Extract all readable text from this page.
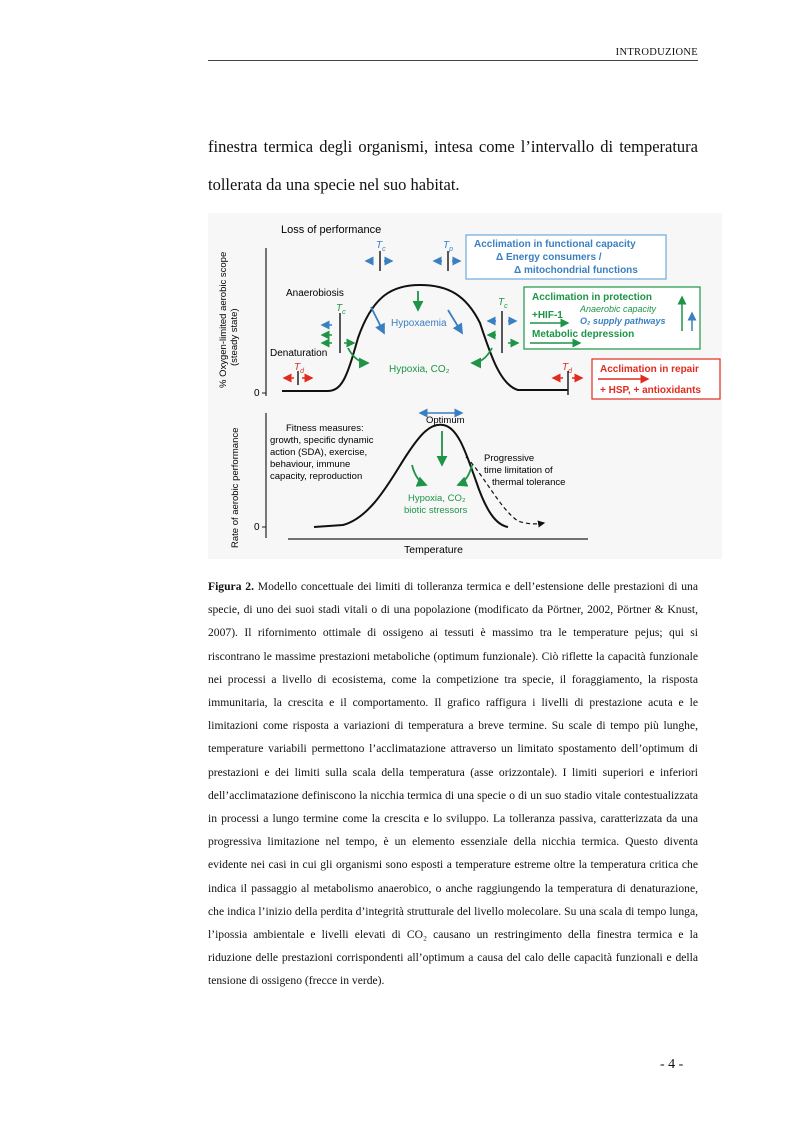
INTRODUZIONE
finestra termica degli organismi, intesa come l’intervallo di temperatura tollerata da una specie nel suo habitat.
Loss of performance
% Oxygen-limited aerobic scope (steady state)
0
Anaerobiosis
Denaturation
Hypoxaemia
Hypoxia, CO₂
$T_c$	$T_p$
$T_c$
$T_c$
$T_d$	$T_d$
Acclimation in functional capacity
Δ Energy consumers /
Δ mitochondrial functions
Acclimation in protection
+HIF-1
Anaerobic capacity
O₂ supply pathways
Metabolic depression
Acclimation in repair
+ HSP, + antioxidants
Rate of aerobic performance 0
Temperature
Optimum
Fitness measures:
growth, specific dynamic
action (SDA), exercise,
behaviour, immune
capacity, reproduction
Progressive
time limitation of
thermal tolerance
Hypoxia, CO₂
biotic stressors
Figura 2. Modello concettuale dei limiti di tolleranza termica e dell’estensione delle prestazioni di una specie, di uno dei suoi stadi vitali o di una popolazione (modificato da Pörtner, 2002, Pörtner & Knust, 2007). Il rifornimento ottimale di ossigeno ai tessuti è massimo tra le temperature pejus; qui si riscontrano le massime prestazioni metaboliche (optimum funzionale). Ciò riflette la capacità funzionale nei processi a livello di ecosistema, come la competizione tra specie, il foraggiamento, la risposta immunitaria, la crescita e il comportamento. Il grafico raffigura i livelli di prestazione acuta e le limitazioni come risposta a variazioni di temperatura a breve termine. Su scale di tempo più lunghe, temperature variabili permettono l’acclimatazione attraverso un limitato spostamento dell’optimum di prestazioni e dei limiti sulla scala della temperatura (asse orizzontale). I limiti superiori e inferiori dell’acclimatazione definiscono la nicchia termica di una specie o di un suo stadio vitale contestualizzata in processi a lungo termine come la crescita e lo sviluppo. La tolleranza passiva, caratterizzata da una progressiva limitazione nel tempo, è un elemento essenziale della nicchia termica. Questo diventa evidente nei casi in cui gli organismi sono esposti a temperature estreme oltre la temperatura critica che indica il passaggio al metabolismo anaerobico, o anche raggiungendo la temperatura di denaturazione, che indica l’inizio della perdita d’integrità strutturale del livello molecolare. Su una scala di tempo lunga, l’ipossia ambientale e livelli elevati di CO₂ causano un restringimento della finestra termica e la riduzione delle prestazioni corrispondenti all’optimum a causa del calo delle capacità funzionali e della tensione di ossigeno (frecce in verde).
- 4 -
